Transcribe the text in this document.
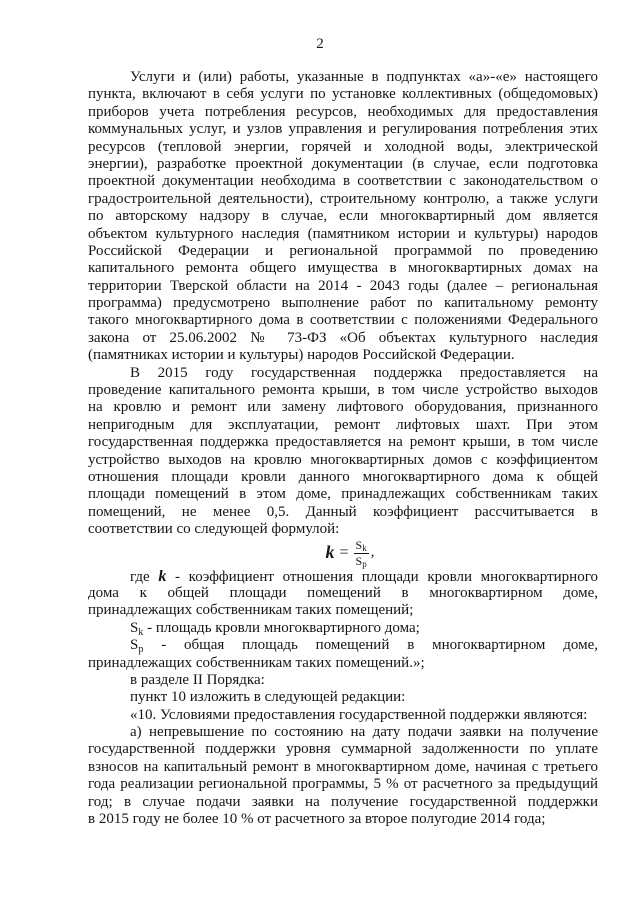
2
Услуги и (или) работы, указанные в подпунктах «а»-«е» настоящего
пункта, включают в себя услуги по установке коллективных (общедомовых)
приборов учета потребления ресурсов, необходимых для предоставления
коммунальных услуг, и узлов управления и регулирования потребления этих
ресурсов (тепловой энергии, горячей и холодной воды, электрической
энергии), разработке проектной документации (в случае, если подготовка
проектной документации необходима в соответствии с законодательством о
градостроительной деятельности), строительному контролю, а также услуги
по авторскому надзору в случае, если многоквартирный дом является
объектом культурного наследия (памятником истории и культуры) народов
Российской Федерации и региональной программой по проведению
капитального ремонта общего имущества в многоквартирных домах на
территории Тверской области на 2014 - 2043 годы (далее – региональная
программа) предусмотрено выполнение работ по капитальному ремонту
такого многоквартирного дома в соответствии с положениями Федерального
закона от 25.06.2002 № 73-ФЗ «Об объектах культурного наследия
(памятниках истории и культуры) народов Российской Федерации.
В 2015 году государственная поддержка предоставляется на
проведение капитального ремонта крыши, в том числе устройство выходов
на кровлю и ремонт или замену лифтового оборудования, признанного
непригодным для эксплуатации, ремонт лифтовых шахт. При этом
государственная поддержка предоставляется на ремонт крыши, в том числе
устройство выходов на кровлю многоквартирных домов с коэффициентом
отношения площади кровли данного многоквартирного дома к общей
площади помещений в этом доме, принадлежащих собственникам таких
помещений, не менее 0,5. Данный коэффициент рассчитывается в
соответствии со следующей формулой:
$k = \frac{Sk}{Sp}$ ,
где k - коэффициент отношения площади кровли многоквартирного
дома к общей площади помещений в многоквартирном доме,
принадлежащих собственникам таких помещений;
$S_k$ - площадь кровли многоквартирного дома;
$S_p$ - общая площадь помещений в многоквартирном доме,
принадлежащих собственникам таких помещений.»;
в разделе II Порядка:
пункт 10 изложить в следующей редакции:
«10. Условиями предоставления государственной поддержки являются:
а) непревышение по состоянию на дату подачи заявки на получение
государственной поддержки уровня суммарной задолженности по уплате
взносов на капитальный ремонт в многоквартирном доме, начиная с третьего
года реализации региональной программы, 5 % от расчетного за предыдущий
год; в случае подачи заявки на получение государственной поддержки
в 2015 году не более 10 % от расчетного за второе полугодие 2014 года;
